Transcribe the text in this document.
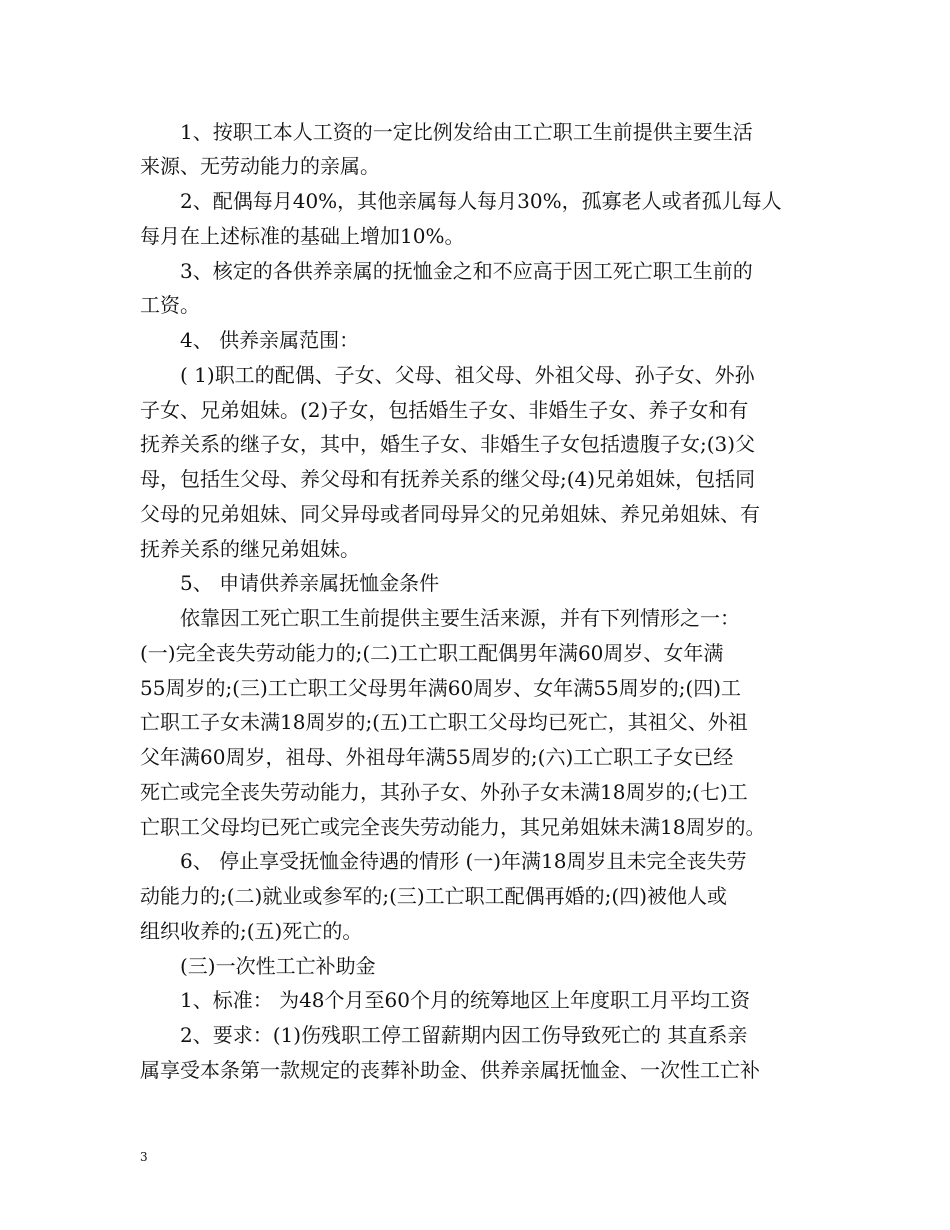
1、按职工本人工资的一定比例发给由工亡职工生前提供主要生活
来源、无劳动能力的亲属。
2、配偶每月40%，其他亲属每人每月30%，孤寡老人或者孤儿每人
每月在上述标准的基础上增加10%。
3、核定的各供养亲属的抚恤金之和不应高于因工死亡职工生前的
工资。
4、 供养亲属范围：
( 1)职工的配偶、子女、父母、祖父母、外祖父母、孙子女、外孙
子女、兄弟姐妹。(2)子女，包括婚生子女、非婚生子女、养子女和有
抚养关系的继子女，其中，婚生子女、非婚生子女包括遗腹子女;(3)父
母，包括生父母、养父母和有抚养关系的继父母;(4)兄弟姐妹，包括同
父母的兄弟姐妹、同父异母或者同母异父的兄弟姐妹、养兄弟姐妹、有
抚养关系的继兄弟姐妹。
5、 申请供养亲属抚恤金条件
依靠因工死亡职工生前提供主要生活来源，并有下列情形之一：
(一)完全丧失劳动能力的;(二)工亡职工配偶男年满60周岁、女年满
55周岁的;(三)工亡职工父母男年满60周岁、女年满55周岁的;(四)工
亡职工子女未满18周岁的;(五)工亡职工父母均已死亡，其祖父、外祖
父年满60周岁，祖母、外祖母年满55周岁的;(六)工亡职工子女已经
死亡或完全丧失劳动能力，其孙子女、外孙子女未满18周岁的;(七)工
亡职工父母均已死亡或完全丧失劳动能力，其兄弟姐妹未满18周岁的。
6、 停止享受抚恤金待遇的情形 (一)年满18周岁且未完全丧失劳
动能力的;(二)就业或参军的;(三)工亡职工配偶再婚的;(四)被他人或
组织收养的;(五)死亡的。
(三)一次性工亡补助金
1、标准： 为48个月至60个月的统筹地区上年度职工月平均工资
2、要求：(1)伤残职工停工留薪期内因工伤导致死亡的 其直系亲
属享受本条第一款规定的丧葬补助金、供养亲属抚恤金、一次性工亡补
3
